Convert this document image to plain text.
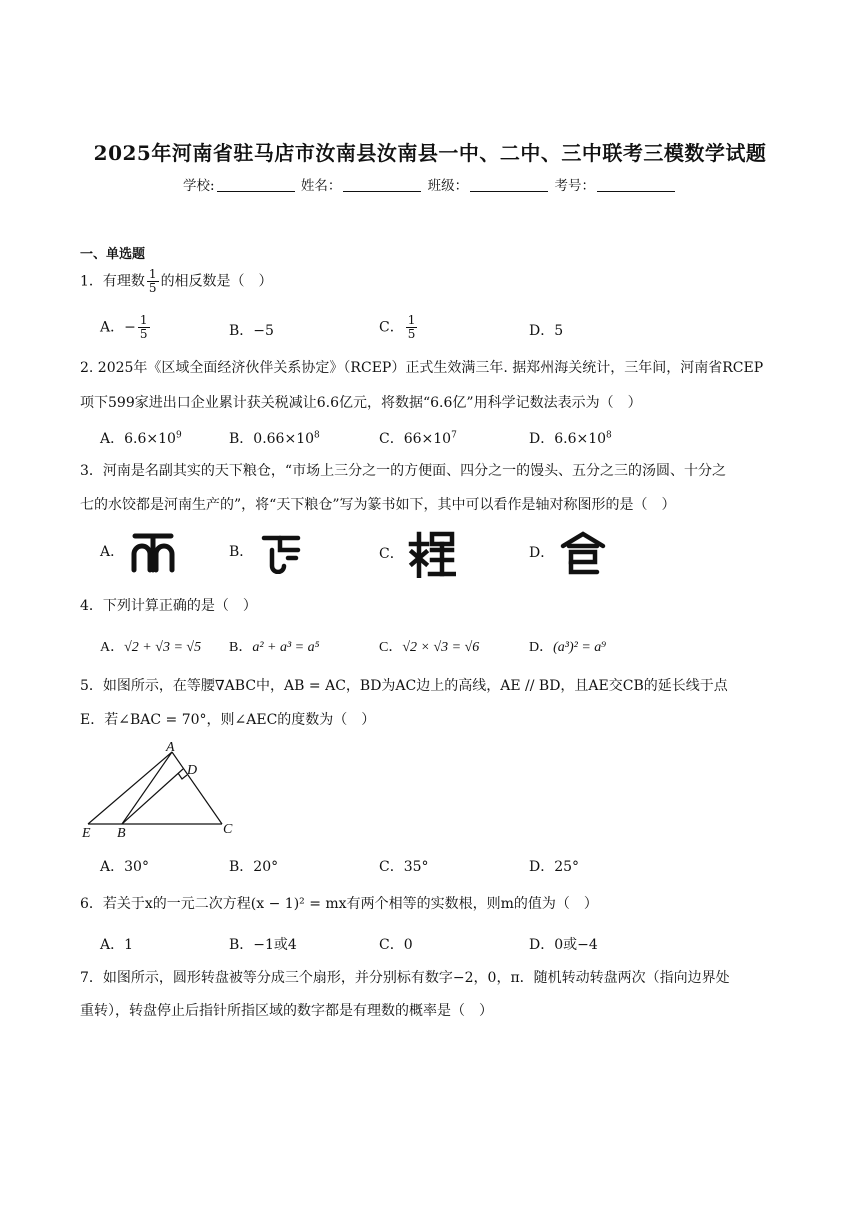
2025年河南省驻马店市汝南县汝南县一中、二中、三中联考三模数学试题
学校:	姓名：	班级：	考号：
一、单选题
1．有理数 $\frac{1}{5}$ 的相反数是（　）
A．− $\frac{1}{5}$	B．−5	C． $\frac{1}{5}$	D．5
2. 2025年《区域全面经济伙伴关系协定》（RCEP）正式生效满三年. 据郑州海关统计，三年间，河南省RCEP
项下599家进出口企业累计获关税减让6.6亿元，将数据“6.6亿”用科学记数法表示为（　）
A．$6.6\times 10^9$	B．$0.66\times 10^8$	C．$66\times 10^7$	D．$6.6\times 10^8$
3．河南是名副其实的天下粮仓，“市场上三分之一的方便面、四分之一的馒头、五分之三的汤圆、十分之
七的水饺都是河南生产的”，将“天下粮仓”写为篆书如下，其中可以看作是轴对称图形的是（　）
A．	B．	C．	D．
4．下列计算正确的是（　）
A．√2 + √3 = √5 B．a² + a³ = a⁵	C．√2 × √3 = √6	D．(a³)² = a⁹
5．如图所示，在等腰∇ABC中，AB = AC，BD为AC边上的高线，AE // BD，且AE交CB的延长线于点
E．若∠BAC = 70°，则∠AEC的度数为（　）
A
D
E B	C
A．30°	B．20°	C．35°	D．25°
6．若关于x的一元二次方程(x − 1)² = mx有两个相等的实数根，则m的值为（　）
A．1	B．−1或4	C．0	D．0或−4
7．如图所示，圆形转盘被等分成三个扇形，并分别标有数字−2，0，π．随机转动转盘两次（指向边界处
重转），转盘停止后指针所指区域的数字都是有理数的概率是（　）
